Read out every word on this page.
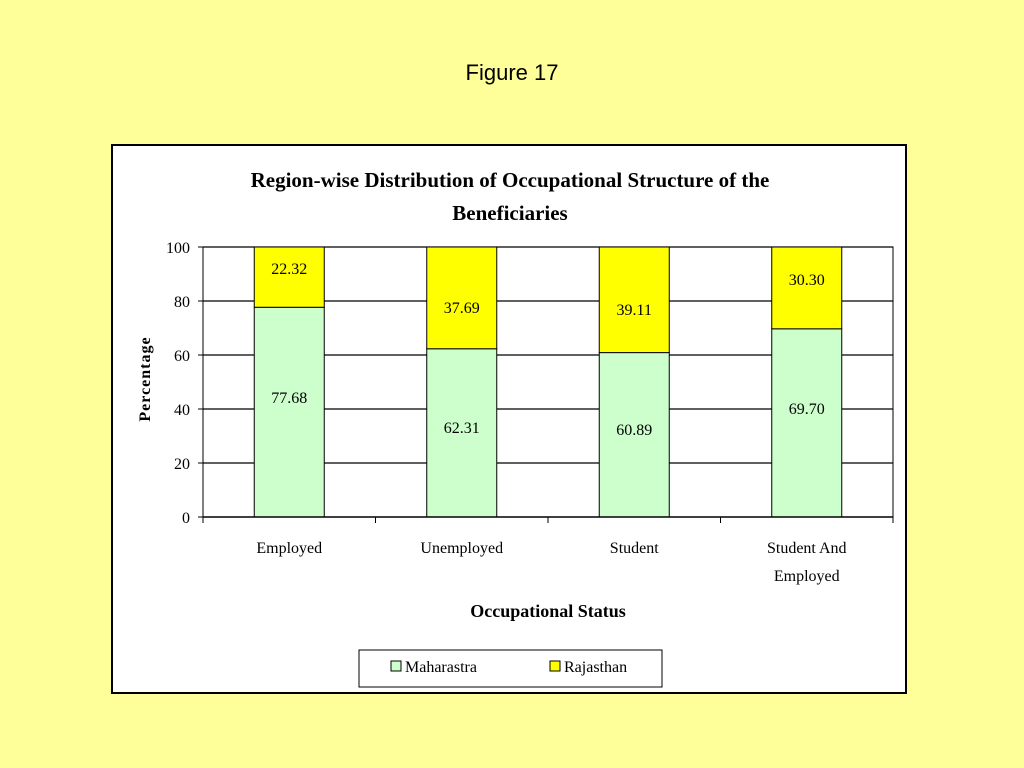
Figure 17
Region-wise Distribution of Occupational Structure of the
Beneficiaries
77.68
22.32
62.31
37.69
60.89
39.11
69.70
30.30
0
20
40
60
80
100
Employed	Unemployed	Student	Student And
Employed
Percentage
Occupational Status
Maharastra	Rajasthan
